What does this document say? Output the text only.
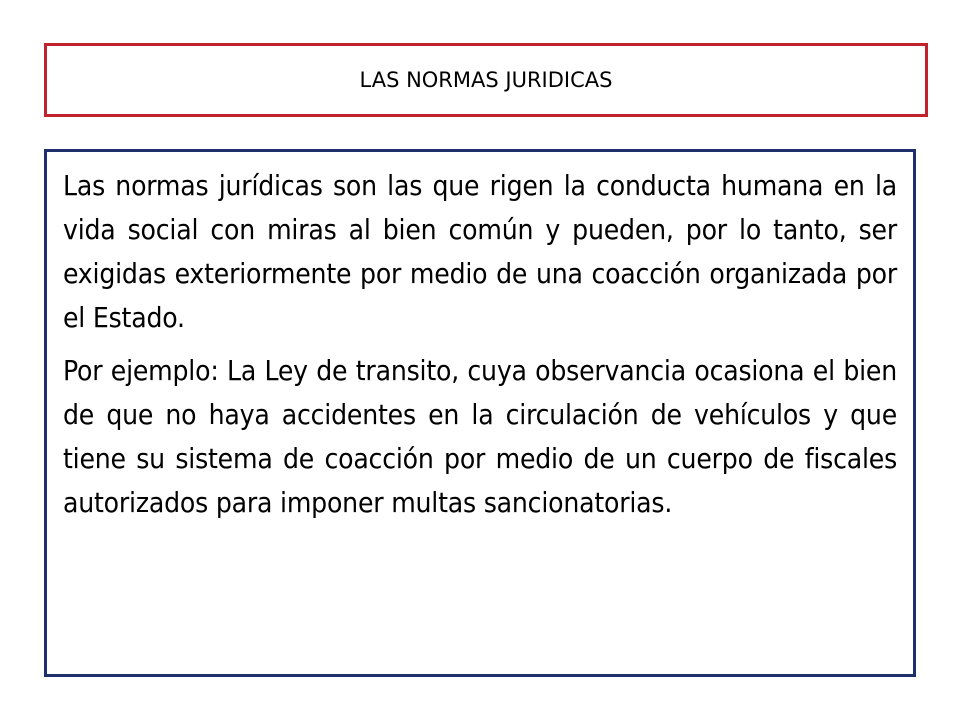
LAS NORMAS JURIDICAS

Las normas jurídicas son las que rigen la conducta humana en la vida social con miras al bien común y pueden, por lo tanto, ser exigidas exteriormente por medio de una coacción organizada por el Estado.

Por ejemplo: La Ley de transito, cuya observancia ocasiona el bien de que no haya accidentes en la circulación de vehículos y que tiene su sistema de coacción por medio de un cuerpo de fiscales autorizados para imponer multas sancionatorias.
